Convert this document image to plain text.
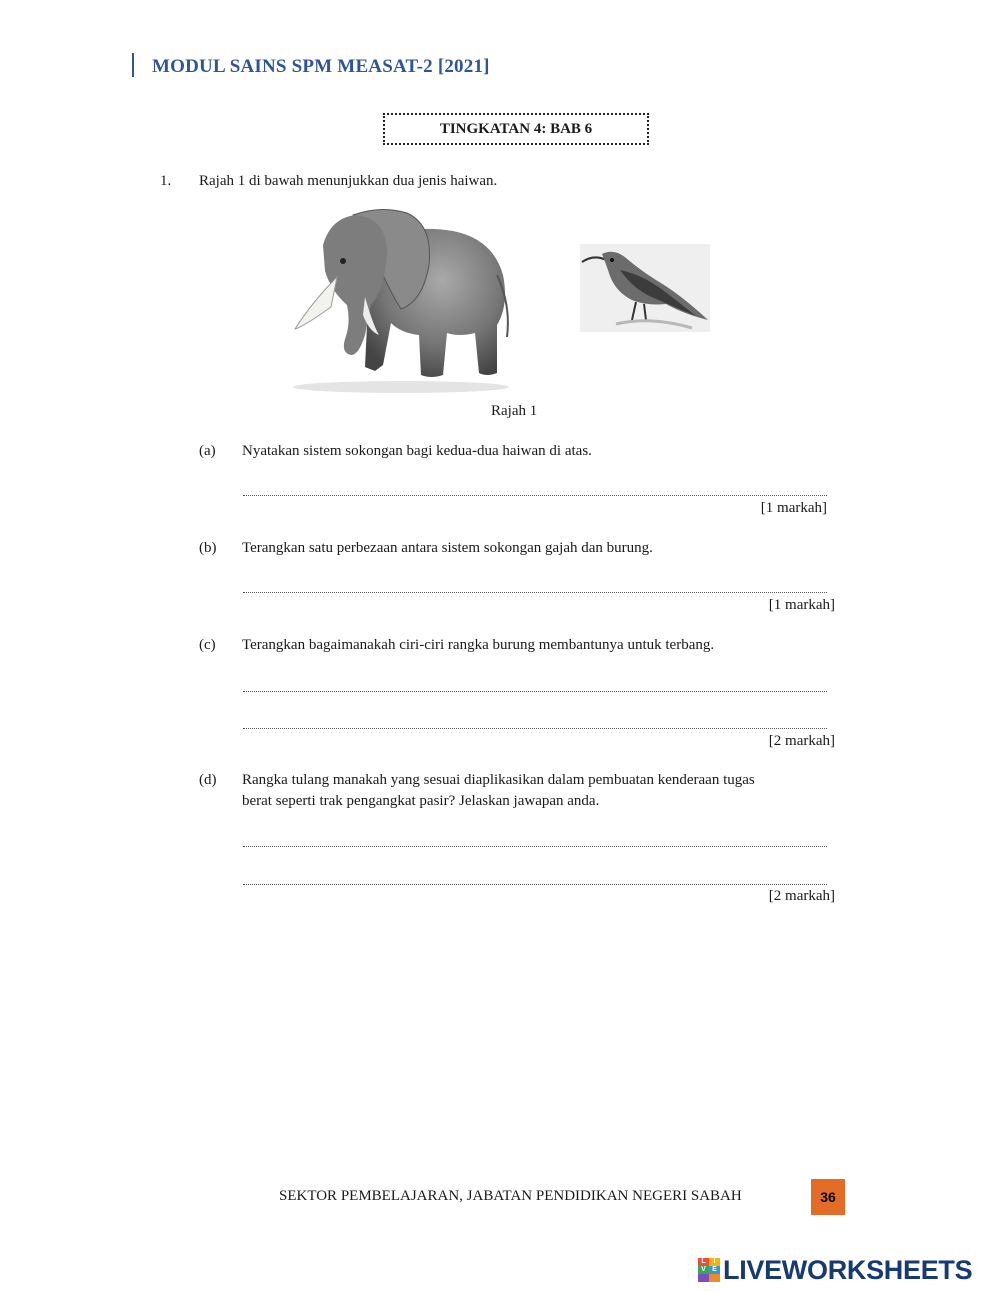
MODUL SAINS SPM MEASAT-2 [2021]
TINGKATAN 4: BAB 6
1. Rajah 1 di bawah menunjukkan dua jenis haiwan.
Rajah 1
(a) Nyatakan sistem sokongan bagi kedua-dua haiwan di atas.
[1 markah]
(b) Terangkan satu perbezaan antara sistem sokongan gajah dan burung.
[1 markah]
(c) Terangkan bagaimanakah ciri-ciri rangka burung membantunya untuk terbang.
[2 markah]
(d) Rangka tulang manakah yang sesuai diaplikasikan dalam pembuatan kenderaan tugas
berat seperti trak pengangkat pasir? Jelaskan jawapan anda.
[2 markah]
SEKTOR PEMBELAJARAN, JABATAN PENDIDIKAN NEGERI SABAH	36
L	I
V E LIVEWORKSHEETS
